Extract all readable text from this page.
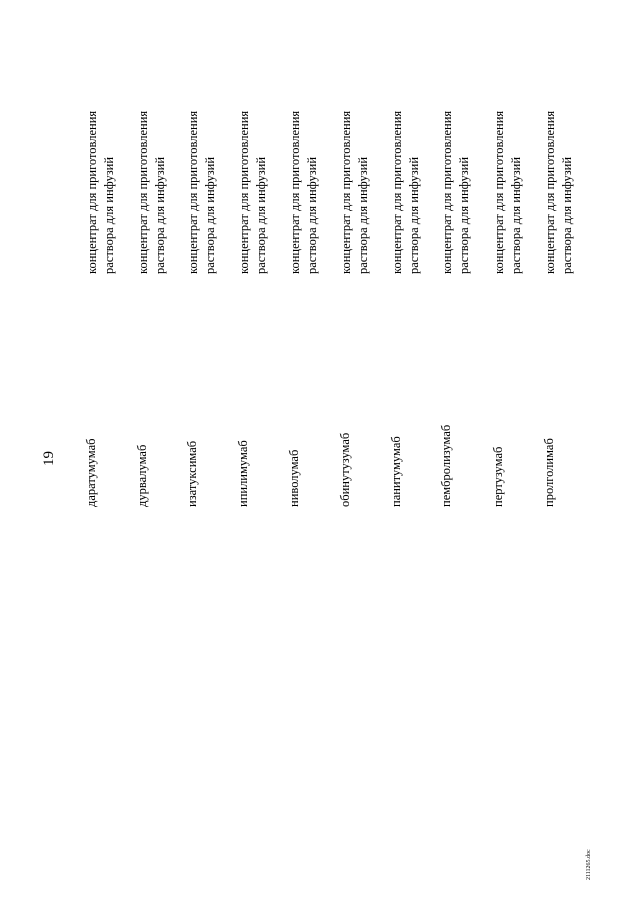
19 даратумумаб
концентрат для приготовления раствора для инфузий
дурвалумаб
концентрат для приготовления раствора для инфузий
изатуксимаб
концентрат для приготовления раствора для инфузий
ипилимумаб
концентрат для приготовления раствора для инфузий
ниволумаб
концентрат для приготовления раствора для инфузий
обинутузумаб
концентрат для приготовления раствора для инфузий
панитумумаб
концентрат для приготовления раствора для инфузий
пембролизумаб
концентрат для приготовления раствора для инфузий
пертузумаб
концентрат для приготовления раствора для инфузий
пролголимаб
концентрат для приготовления раствора для инфузий
2111265.doc
